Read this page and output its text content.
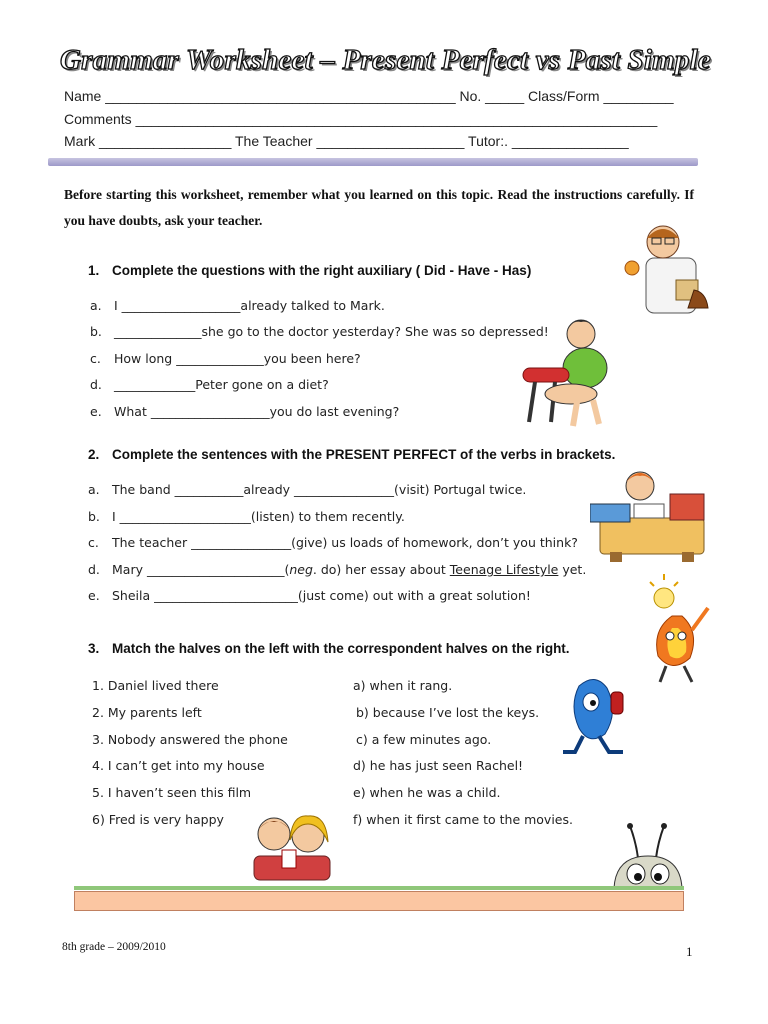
Grammar Worksheet – Present Perfect vs Past Simple
Name _____________________________________________ No. _____ Class/Form _________
Comments ___________________________________________________________________
Mark _________________ The Teacher ___________________ Tutor:. _______________
Before starting this worksheet, remember what you learned on this topic. Read the instructions carefully. If you have doubts, ask your teacher.
1. Complete the questions with the right auxiliary ( Did - Have - Has)
a. I ___________________already talked to Mark.
b. ______________she go to the doctor yesterday? She was so depressed!
c. How long ______________you been here?
d. _____________Peter gone on a diet?
e. What ___________________you do last evening?
2. Complete the sentences with the PRESENT PERFECT of the verbs in brackets.
a. The band ___________already ________________(visit) Portugal twice.
b. I _____________________(listen) to them recently.
c. The teacher ________________(give) us loads of homework, don’t you think?
d. Mary ______________________(neg. do) her essay about Teenage Lifestyle yet.
e. Sheila _______________________(just come) out with a great solution!
3. Match the halves on the left with the correspondent halves on the right.
1. Daniel lived there
2. My parents left
3. Nobody answered the phone
4. I can’t get into my house
5. I haven’t seen this film
6) Fred is very happy
a) when it rang.
b) because I’ve lost the keys.
c) a few minutes ago.
d) he has just seen Rachel!
e) when he was a child.
f) when it first came to the movies.
8th grade – 2009/2010	1
